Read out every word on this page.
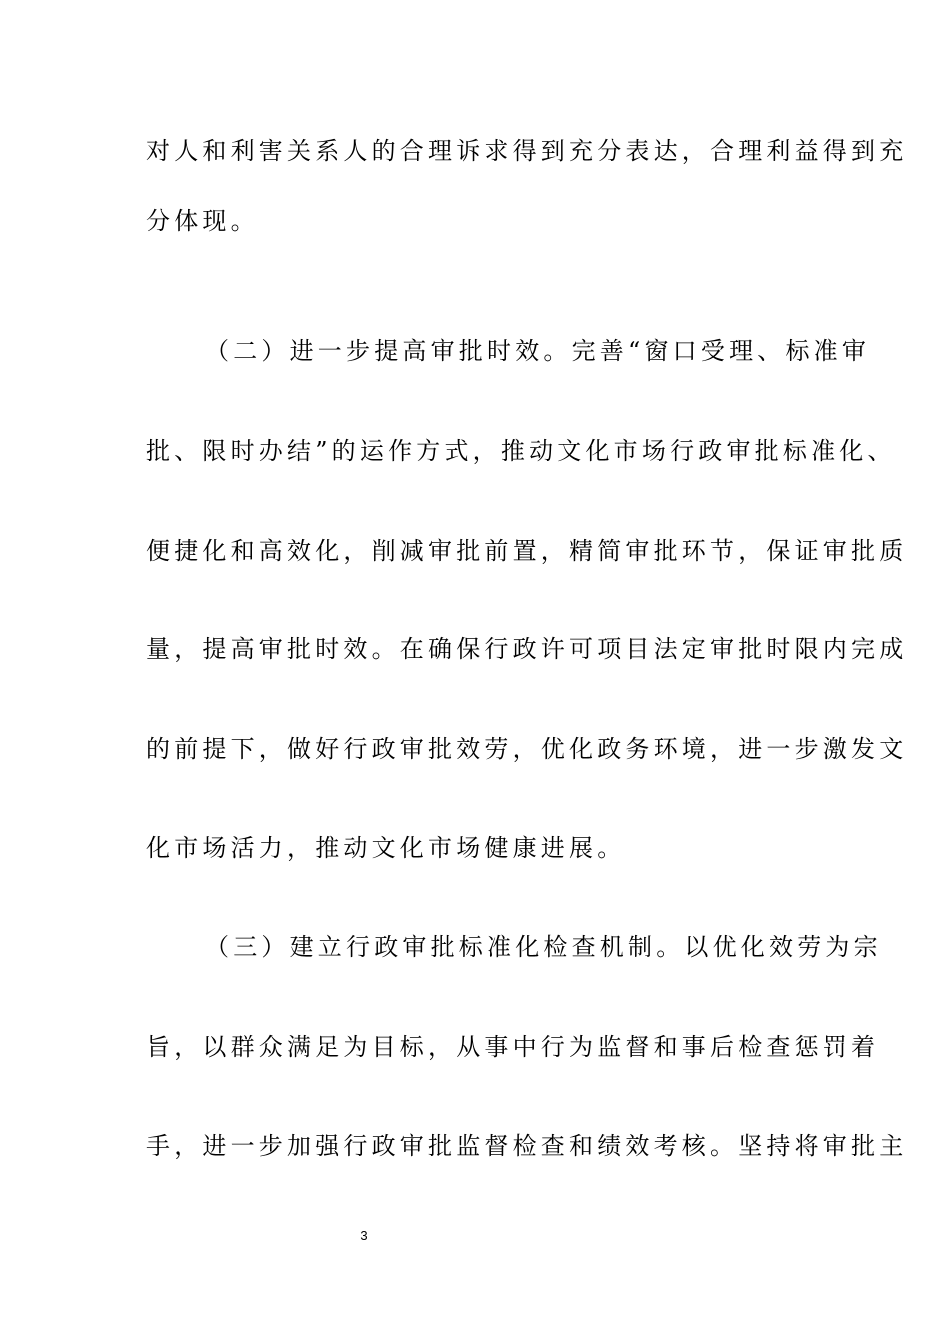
对人和利害关系人的合理诉求得到充分表达，合理利益得到充
分体现。
（二）进一步提高审批时效。完善“窗口受理、标准审
批、限时办结”的运作方式，推动文化市场行政审批标准化、
便捷化和高效化，削减审批前置，精简审批环节，保证审批质
量，提高审批时效。在确保行政许可项目法定审批时限内完成
的前提下，做好行政审批效劳，优化政务环境，进一步激发文
化市场活力，推动文化市场健康进展。
（三）建立行政审批标准化检查机制。以优化效劳为宗
旨，以群众满足为目标，从事中行为监督和事后检查惩罚着
手，进一步加强行政审批监督检查和绩效考核。坚持将审批主
3
